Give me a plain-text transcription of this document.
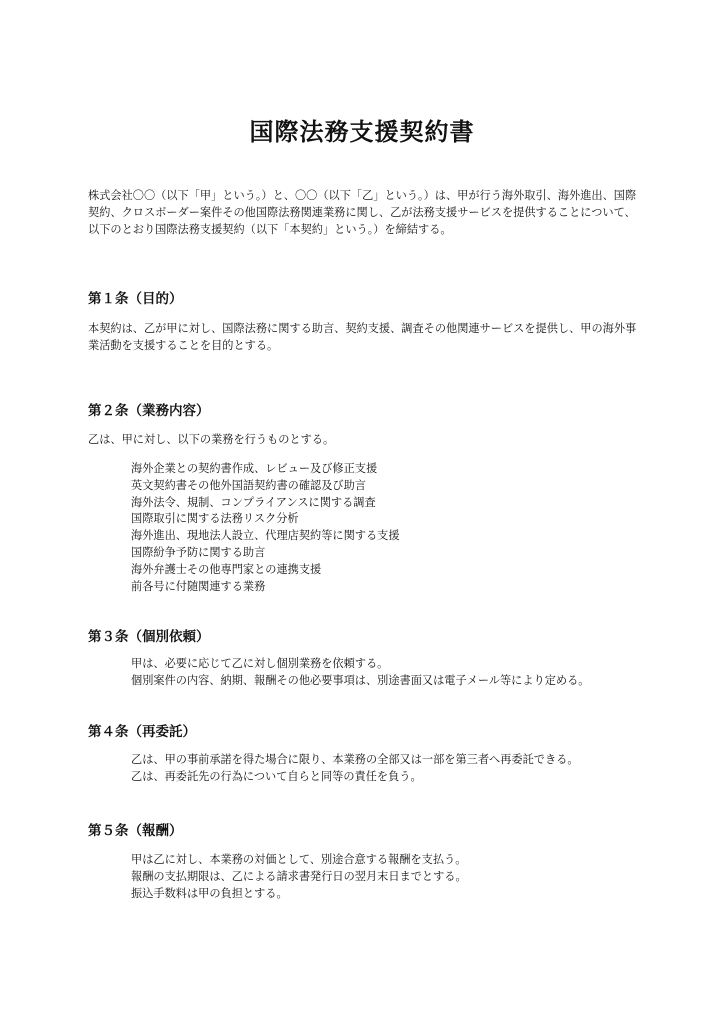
国際法務支援契約書
株式会社〇〇（以下「甲」という。）と、〇〇（以下「乙」という。）は、甲が行う海外取引、海外進出、国際契約、クロスボーダー案件その他国際法務関連業務に関し、乙が法務支援サービスを提供することについて、以下のとおり国際法務支援契約（以下「本契約」という。）を締結する。
第１条（目的）
本契約は、乙が甲に対し、国際法務に関する助言、契約支援、調査その他関連サービスを提供し、甲の海外事業活動を支援することを目的とする。
第２条（業務内容）
乙は、甲に対し、以下の業務を行うものとする。
海外企業との契約書作成、レビュー及び修正支援
英文契約書その他外国語契約書の確認及び助言
海外法令、規制、コンプライアンスに関する調査
国際取引に関する法務リスク分析
海外進出、現地法人設立、代理店契約等に関する支援
国際紛争予防に関する助言
海外弁護士その他専門家との連携支援
前各号に付随関連する業務
第３条（個別依頼）
甲は、必要に応じて乙に対し個別業務を依頼する。
個別案件の内容、納期、報酬その他必要事項は、別途書面又は電子メール等により定める。
第４条（再委託）
乙は、甲の事前承諾を得た場合に限り、本業務の全部又は一部を第三者へ再委託できる。
乙は、再委託先の行為について自らと同等の責任を負う。
第５条（報酬）
甲は乙に対し、本業務の対価として、別途合意する報酬を支払う。
報酬の支払期限は、乙による請求書発行日の翌月末日までとする。
振込手数料は甲の負担とする。
